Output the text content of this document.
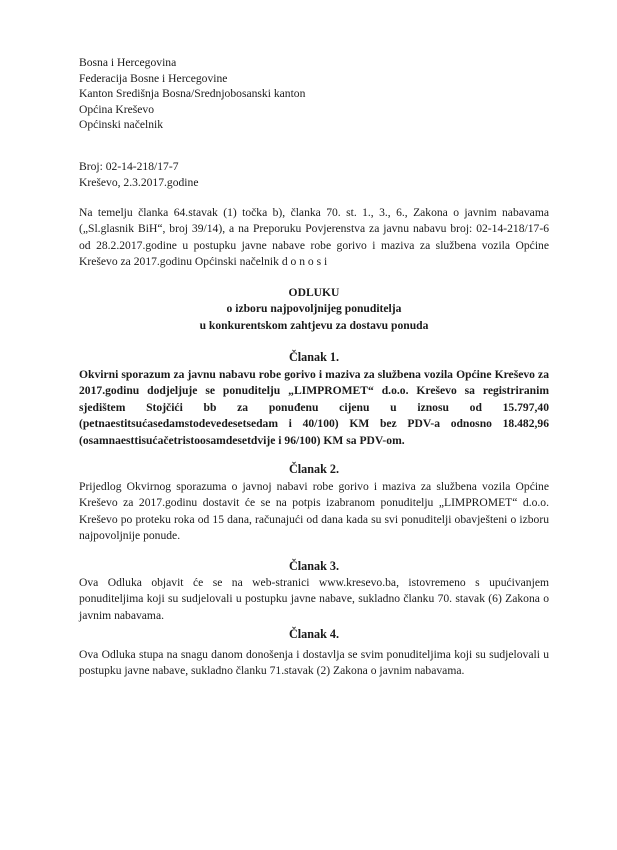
Bosna i Hercegovina
Federacija Bosne i Hercegovine
Kanton Središnja Bosna/Srednjobosanski kanton
Općina Kreševo
Općinski načelnik
Broj: 02-14-218/17-7
Kreševo, 2.3.2017.godine
Na temelju članka 64.stavak (1) točka b), članka 70. st. 1., 3., 6., Zakona o javnim nabavama („Sl.glasnik BiH“, broj 39/14), a na Preporuku Povjerenstva za javnu nabavu broj: 02-14-218/17-6 od 28.2.2017.godine u postupku javne nabave robe gorivo i maziva za službena vozila Općine Kreševo za 2017.godinu Općinski načelnik d o n o s i
ODLUKU
o izboru najpovoljnijeg ponuditelja
u konkurentskom zahtjevu za dostavu ponuda
Članak 1.
Okvirni sporazum za javnu nabavu robe gorivo i maziva za službena vozila Općine Kreševo za 2017.godinu dodjeljuje se ponuditelju „LIMPROMET“ d.o.o. Kreševo sa registriranim sjedištem Stojčići bb za ponuđenu cijenu u iznosu od 15.797,40 (petnaestitsućasedamstodevedesetsedam i 40/100) KM bez PDV-a odnosno 18.482,96 (osamnaesttisućačetristoosamdesetdvije i 96/100) KM sa PDV-om.
Članak 2.
Prijedlog Okvirnog sporazuma o javnoj nabavi robe gorivo i maziva za službena vozila Općine Kreševo za 2017.godinu dostavit će se na potpis izabranom ponuditelju „LIMPROMET“ d.o.o. Kreševo po proteku roka od 15 dana, računajući od dana kada su svi ponuditelji obavješteni o izboru najpovoljnije ponude.
Članak 3.
Ova Odluka objavit će se na web-stranici www.kresevo.ba, istovremeno s upućivanjem ponuditeljima koji su sudjelovali u postupku javne nabave, sukladno članku 70. stavak (6) Zakona o javnim nabavama.
Članak 4.
Ova Odluka stupa na snagu danom donošenja i dostavlja se svim ponuditeljima koji su sudjelovali u postupku javne nabave, sukladno članku 71.stavak (2) Zakona o javnim nabavama.
